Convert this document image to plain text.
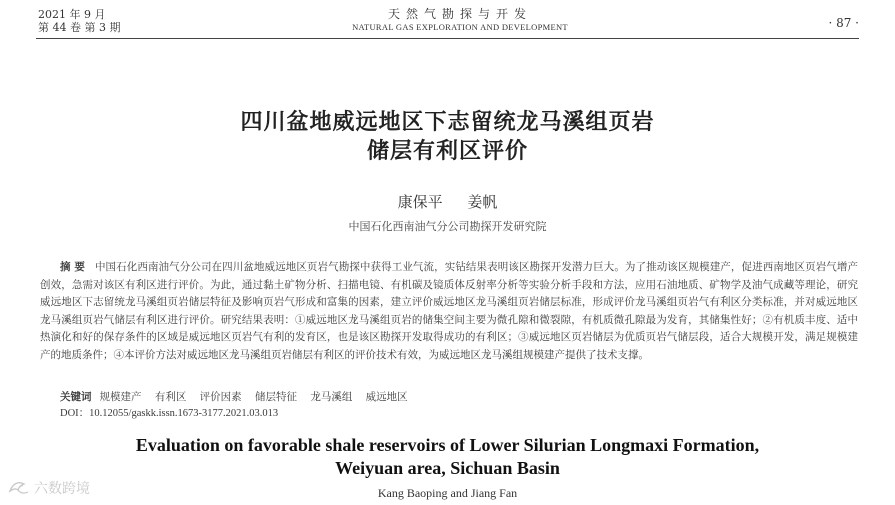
2021 年 9 月
第 44 卷 第 3 期
天然气勘探与开发
NATURAL GAS EXPLORATION AND DEVELOPMENT	· 87 ·
四川盆地威远地区下志留统龙马溪组页岩
储层有利区评价
康保平 姜帆
中国石化西南油气分公司勘探开发研究院
摘 要 中国石化西南油气分公司在四川盆地威远地区页岩气勘探中获得工业气流，实钻结果表明该区勘探开发潜力巨大。为了推动该区规模建产，促进西南地区页岩气增产创效，急需对该区有利区进行评价。为此，通过黏土矿物分析、扫描电镜、有机碳及镜质体反射率分析等实验分析手段和方法，应用石油地质、矿物学及油气成藏等理论，研究威远地区下志留统龙马溪组页岩储层特征及影响页岩气形成和富集的因素，建立评价威远地区龙马溪组页岩储层标准，形成评价龙马溪组页岩气有利区分类标准，并对威远地区龙马溪组页岩气储层有利区进行评价。研究结果表明：①威远地区龙马溪组页岩的储集空间主要为微孔隙和微裂隙，有机质微孔隙最为发育，其储集性好；②有机质丰度、适中热演化和好的保存条件的区域是威远地区页岩气有利的发育区，也是该区勘探开发取得成功的有利区；③威远地区页岩储层为优质页岩气储层段，适合大规模开发，满足规模建产的地质条件；④本评价方法对威远地区龙马溪组页岩储层有利区的评价技术有效，为威远地区龙马溪组规模建产提供了技术支撑。
关键词 规模建产 有利区 评价因素 储层特征 龙马溪组 威远地区
DOI：10.12055/gaskk.issn.1673-3177.2021.03.013
Evaluation on favorable shale reservoirs of Lower Silurian Longmaxi Formation,
Weiyuan area, Sichuan Basin
Kang Baoping and Jiang Fan
六数跨境
